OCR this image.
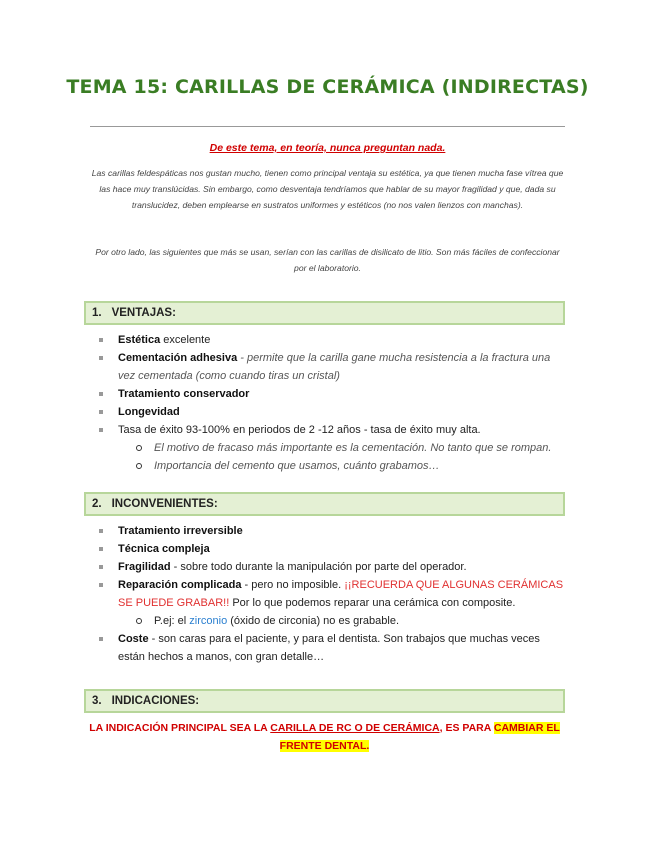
TEMA 15: CARILLAS DE CERÁMICA (INDIRECTAS)

De este tema, en teoría, nunca preguntan nada.

Las carillas feldespáticas nos gustan mucho, tienen como principal ventaja su estética, ya que tienen mucha fase vítrea que las hace muy translúcidas. Sin embargo, como desventaja tendríamos que hablar de su mayor fragilidad y que, dada su translucidez, deben emplearse en sustratos uniformes y estéticos (no nos valen lienzos con manchas).

Por otro lado, las siguientes que más se usan, serían con las carillas de disilicato de litio. Son más fáciles de confeccionar por el laboratorio.

1. VENTAJAS:
Estética excelente
Cementación adhesiva - permite que la carilla gane mucha resistencia a la fractura una vez cementada (como cuando tiras un cristal)
Tratamiento conservador
Longevidad
Tasa de éxito 93-100% en periodos de 2 -12 años - tasa de éxito muy alta.
El motivo de fracaso más importante es la cementación. No tanto que se rompan.
Importancia del cemento que usamos, cuánto grabamos…
2. INCONVENIENTES:
Tratamiento irreversible
Técnica compleja
Fragilidad - sobre todo durante la manipulación por parte del operador.
Reparación complicada - pero no imposible. ¡¡RECUERDA QUE ALGUNAS CERÁMICAS SE PUEDE GRABAR!! Por lo que podemos reparar una cerámica con composite.
P.ej: el zirconio (óxido de circonia) no es grabable.
Coste - son caras para el paciente, y para el dentista. Son trabajos que muchas veces están hechos a manos, con gran detalle…
3. INDICACIONES:

LA INDICACIÓN PRINCIPAL SEA LA CARILLA DE RC O DE CERÁMICA, ES PARA CAMBIAR EL FRENTE DENTAL.
